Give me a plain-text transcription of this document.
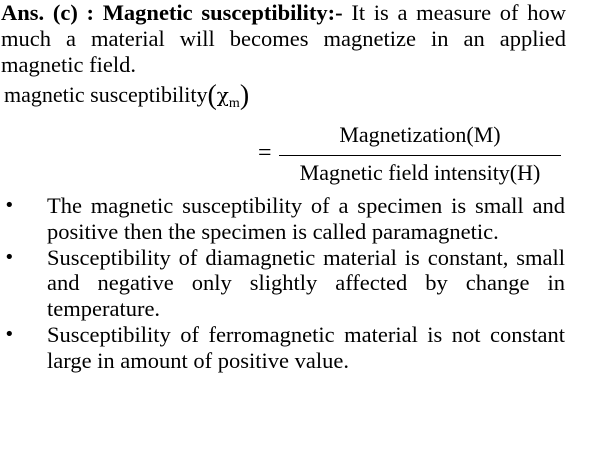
Ans. (c) : Magnetic susceptibility:- It is a measure of how much a material will becomes magnetize in an applied magnetic field.
magnetic $susceptibility(\chi_m)$
=
Magnetization(M)
Magnetic field intensity(H)
• The magnetic susceptibility of a specimen is small and positive then the specimen is called paramagnetic.
• Susceptibility of diamagnetic material is constant, small and negative only slightly affected by change in temperature.
• Susceptibility of ferromagnetic material is not constant large in amount of positive value.
